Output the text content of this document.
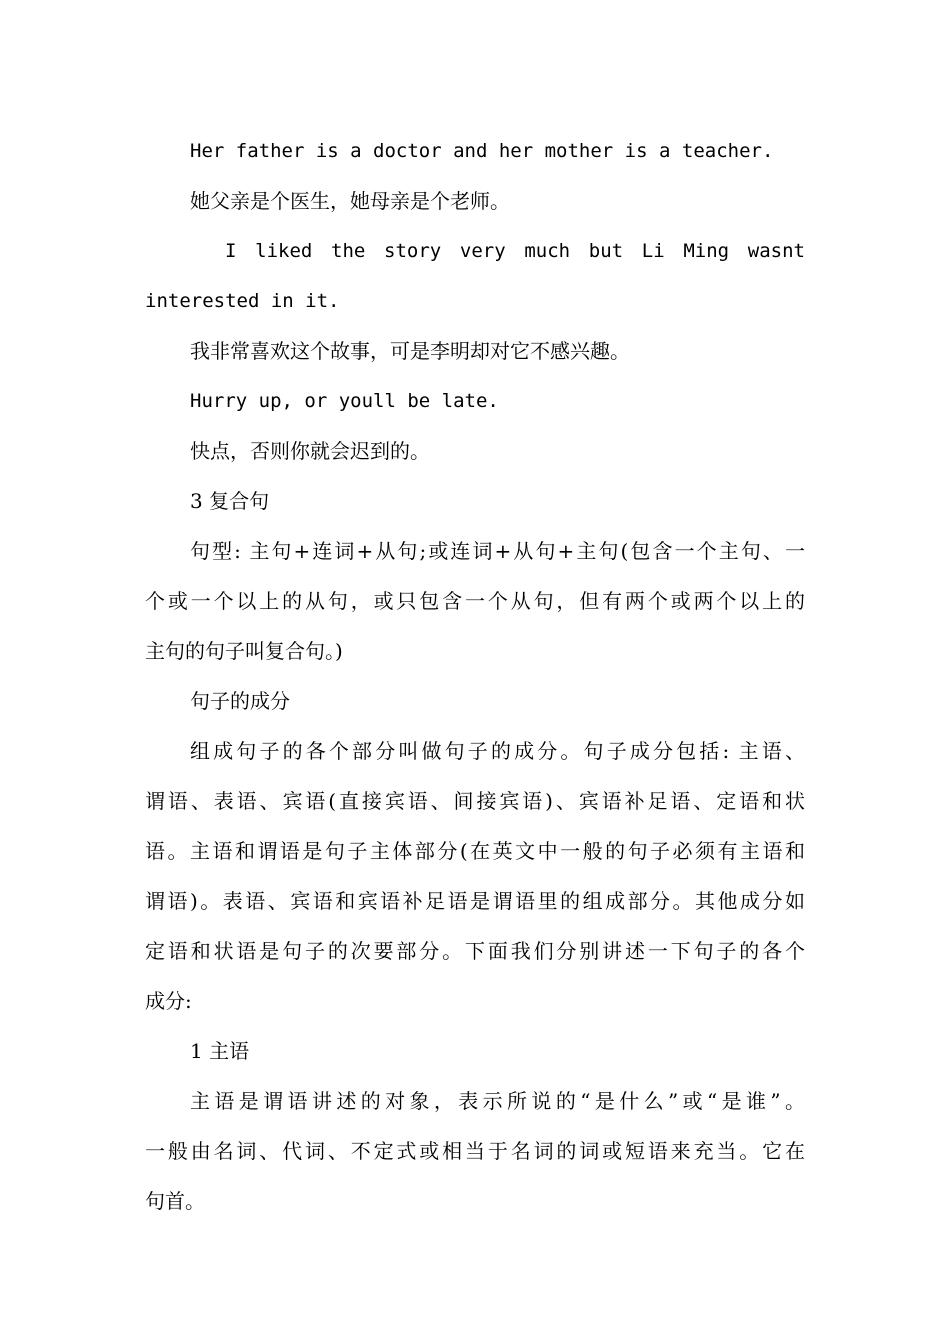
Her father is a doctor and her mother is a teacher.
她父亲是个医生，她母亲是个老师。
I liked the story very much but Li Ming wasnt
interested in it.
我非常喜欢这个故事，可是李明却对它不感兴趣。
Hurry up, or youll be late.
快点，否则你就会迟到的。
3 复合句
句型: 主句+连词+从句;或连词+从句+主句(包含一个主句、一
个或一个以上的从句，或只包含一个从句，但有两个或两个以上的
主句的句子叫复合句。)
句子的成分
组成句子的各个部分叫做句子的成分。句子成分包括: 主语、
谓语、表语、宾语(直接宾语、间接宾语)、宾语补足语、定语和状
语。主语和谓语是句子主体部分(在英文中一般的句子必须有主语和
谓语)。表语、宾语和宾语补足语是谓语里的组成部分。其他成分如
定语和状语是句子的次要部分。下面我们分别讲述一下句子的各个
成分:
1 主语
主语是谓语讲述的对象，表示所说的“是什么”或“是谁”。
一般由名词、代词、不定式或相当于名词的词或短语来充当。它在
句首。
